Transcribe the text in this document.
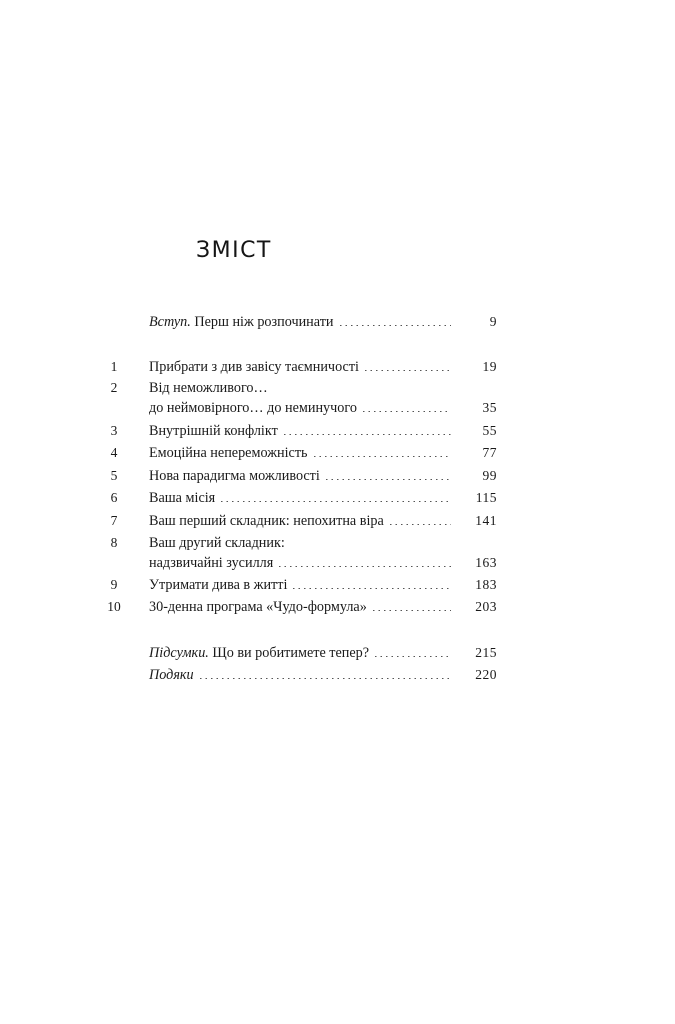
ЗМІСТ
Вступ. Перш ніж розпочинати	9
1	Прибрати з див завісу таємничості	19
2	Від неможливого…
до неймовірного… до неминучого	35
3	Внутрішній конфлікт	55
4	Емоційна непереможність	77
5	Нова парадигма можливості	99
6	Ваша місія	115
7	Ваш перший складник: непохитна віра	141
8	Ваш другий складник:
надзвичайні зусилля	163
9	Утримати дива в житті	183
10	30-денна програма «Чудо-формула»	203
Підсумки. Що ви робитимете тепер?	215
Подяки	220
